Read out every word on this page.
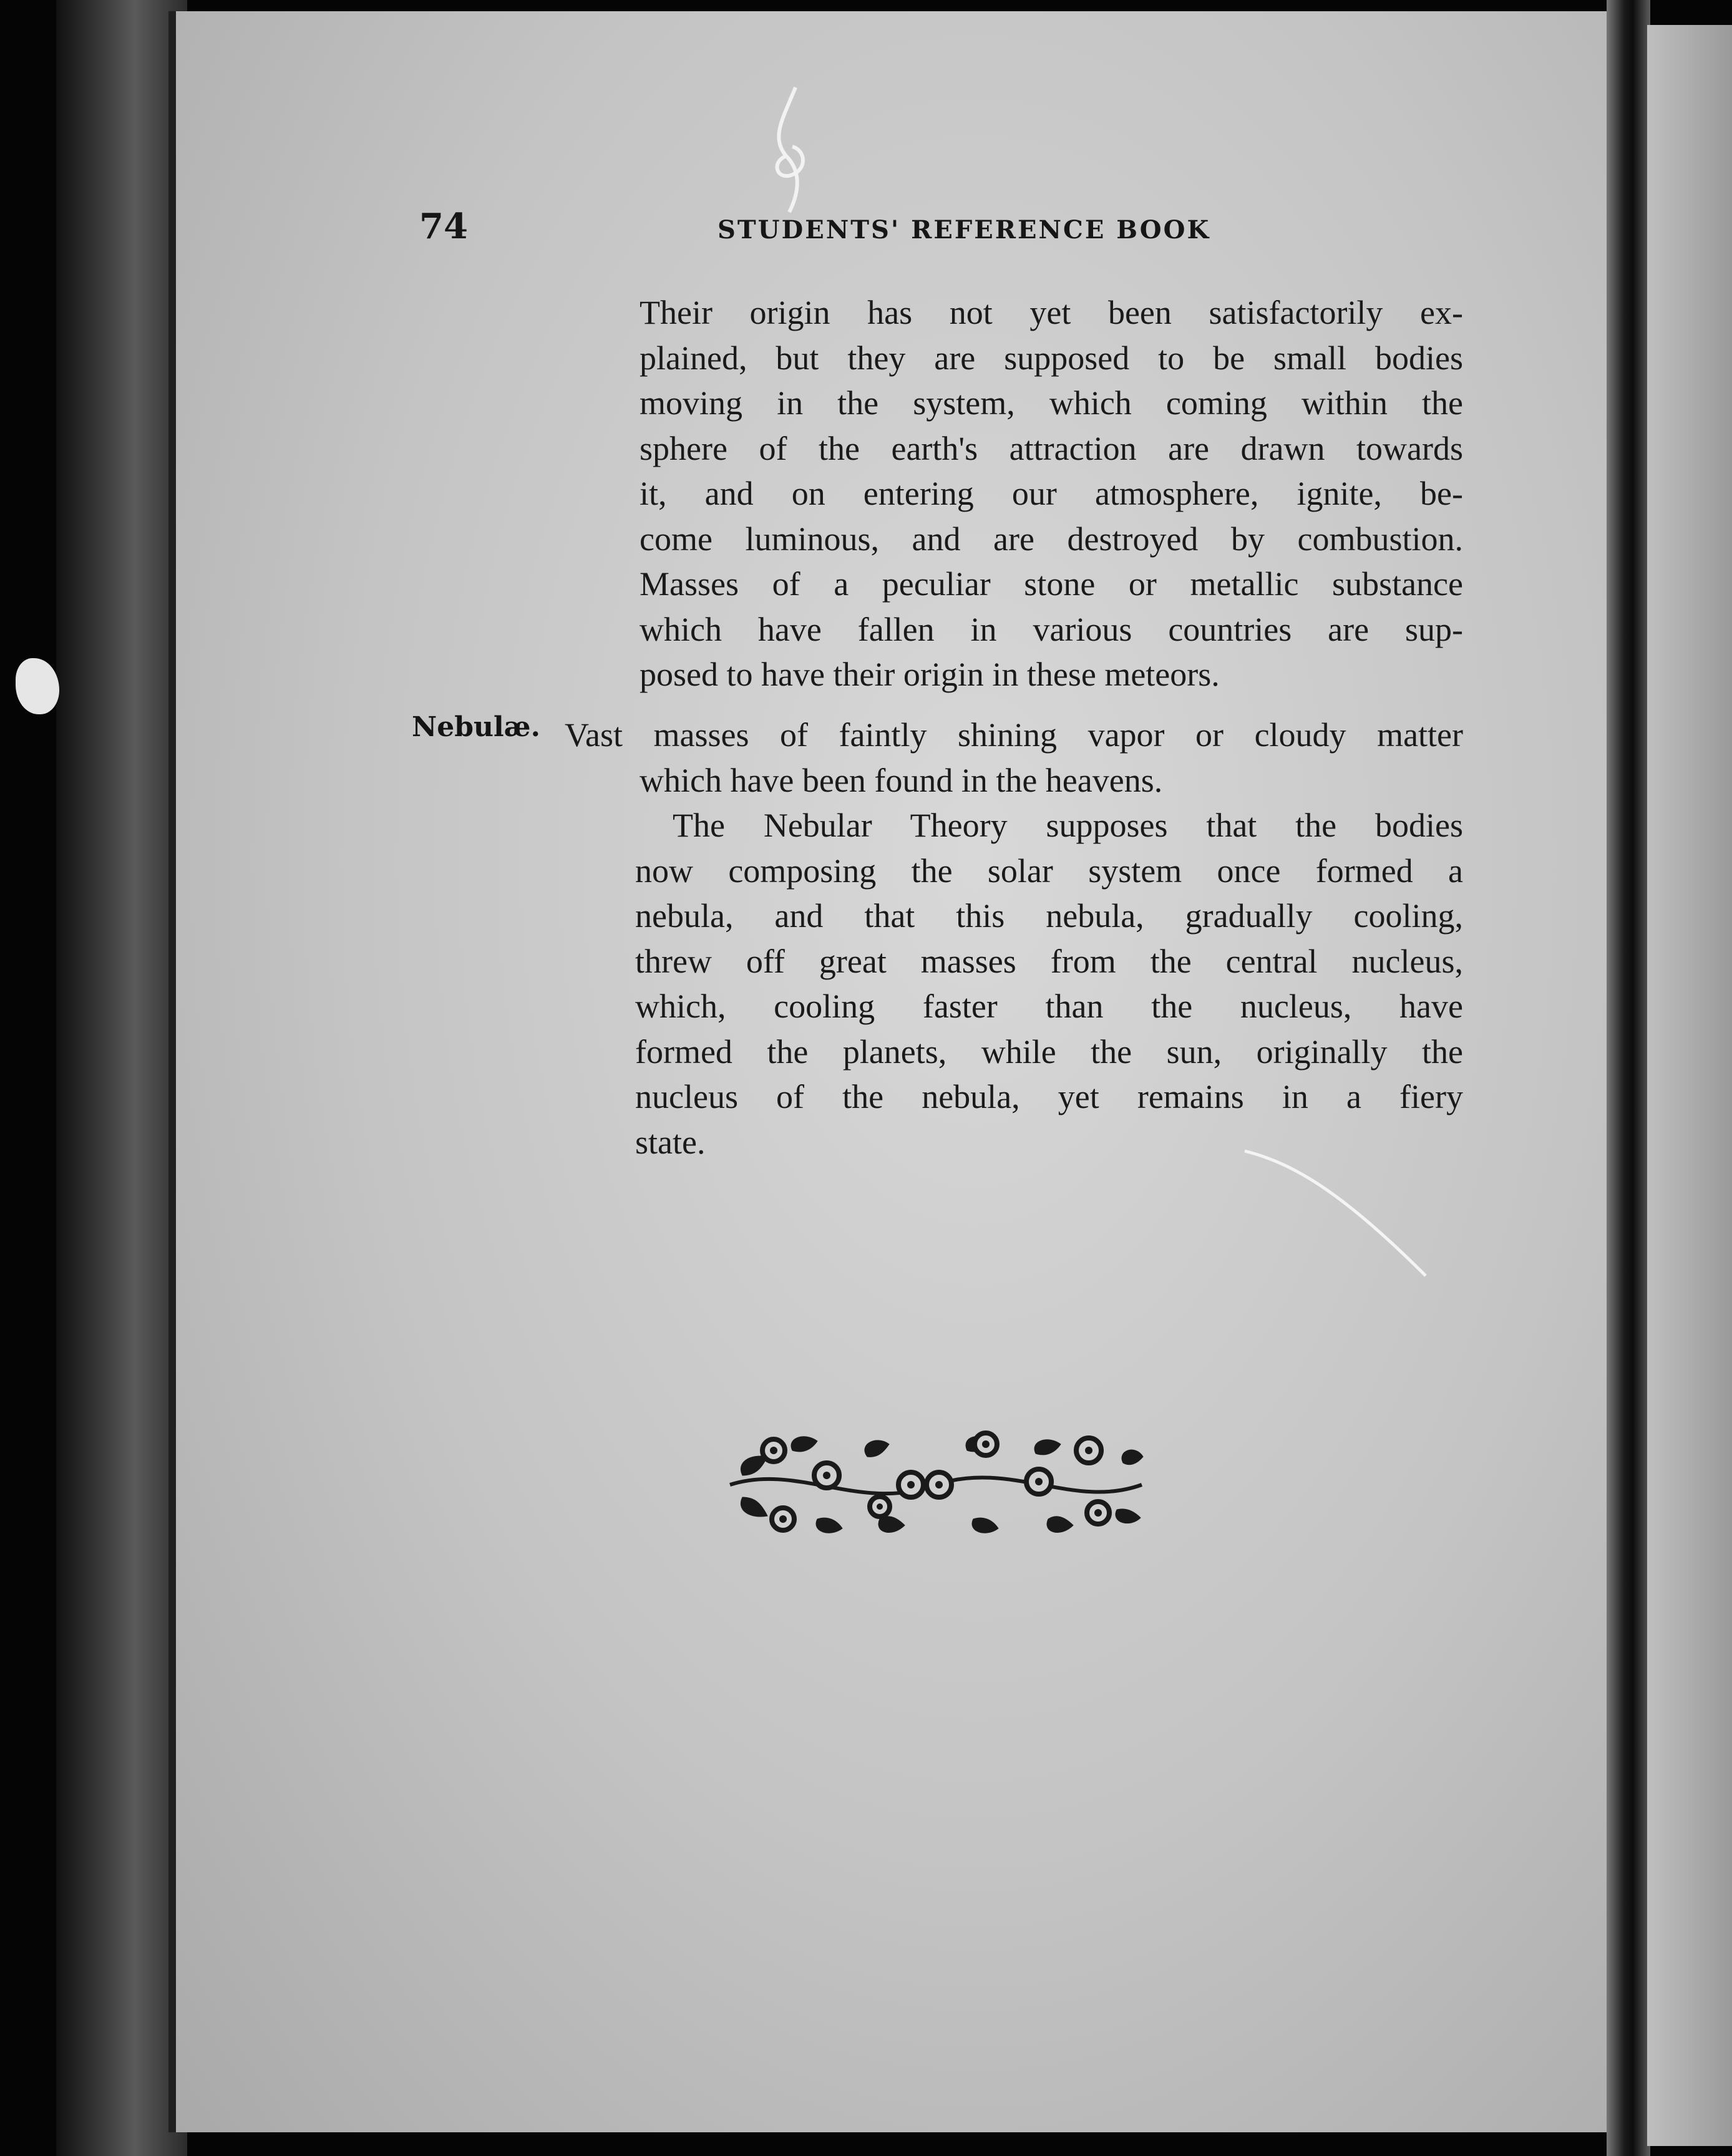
74	STUDENTS' REFERENCE BOOK

Their origin has not yet been satisfactorily ex-

plained, but they are supposed to be small bodies

moving in the system, which coming within the

sphere of the earth's attraction are drawn towards

it, and on entering our atmosphere, ignite, be-

come luminous, and are destroyed by combustion.

Masses of a peculiar stone or metallic substance

which have fallen in various countries are sup-

posed to have their origin in these meteors.

Nebulæ. Vast masses of faintly shining vapor or cloudy matter

which have been found in the heavens.

The Nebular Theory supposes that the bodies

now composing the solar system once formed a

nebula, and that this nebula, gradually cooling,

threw off great masses from the central nucleus,

which, cooling faster than the nucleus, have

formed the planets, while the sun, originally the

nucleus of the nebula, yet remains in a fiery

state.
